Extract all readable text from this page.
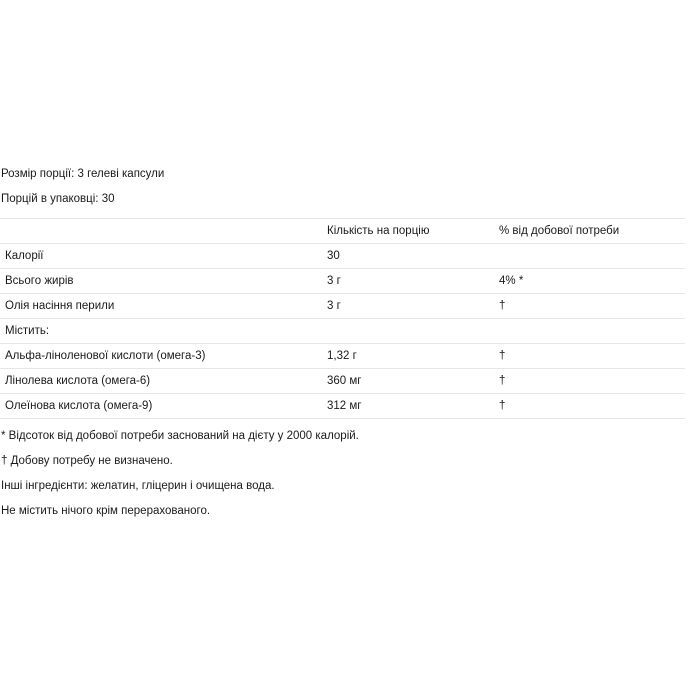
Розмір порції: 3 гелеві капсули
Порцій в упаковці: 30
	Кількість на порцію	% від добової потреби
Калорії	30	
Всього жирів	3 г	4% *
Олія насіння перили	3 г	†
Містить:		
Альфа-ліноленової кислоти (омега-3)	1,32 г	†
Лінолева кислота (омега-6)	360 мг	†
Олеїнова кислота (омега-9)	312 мг	†
* Відсоток від добової потреби заснований на дієту у 2000 калорій.
† Добову потребу не визначено.
Інші інгредієнти: желатин, гліцерин і очищена вода.
Не містить нічого крім перерахованого.
